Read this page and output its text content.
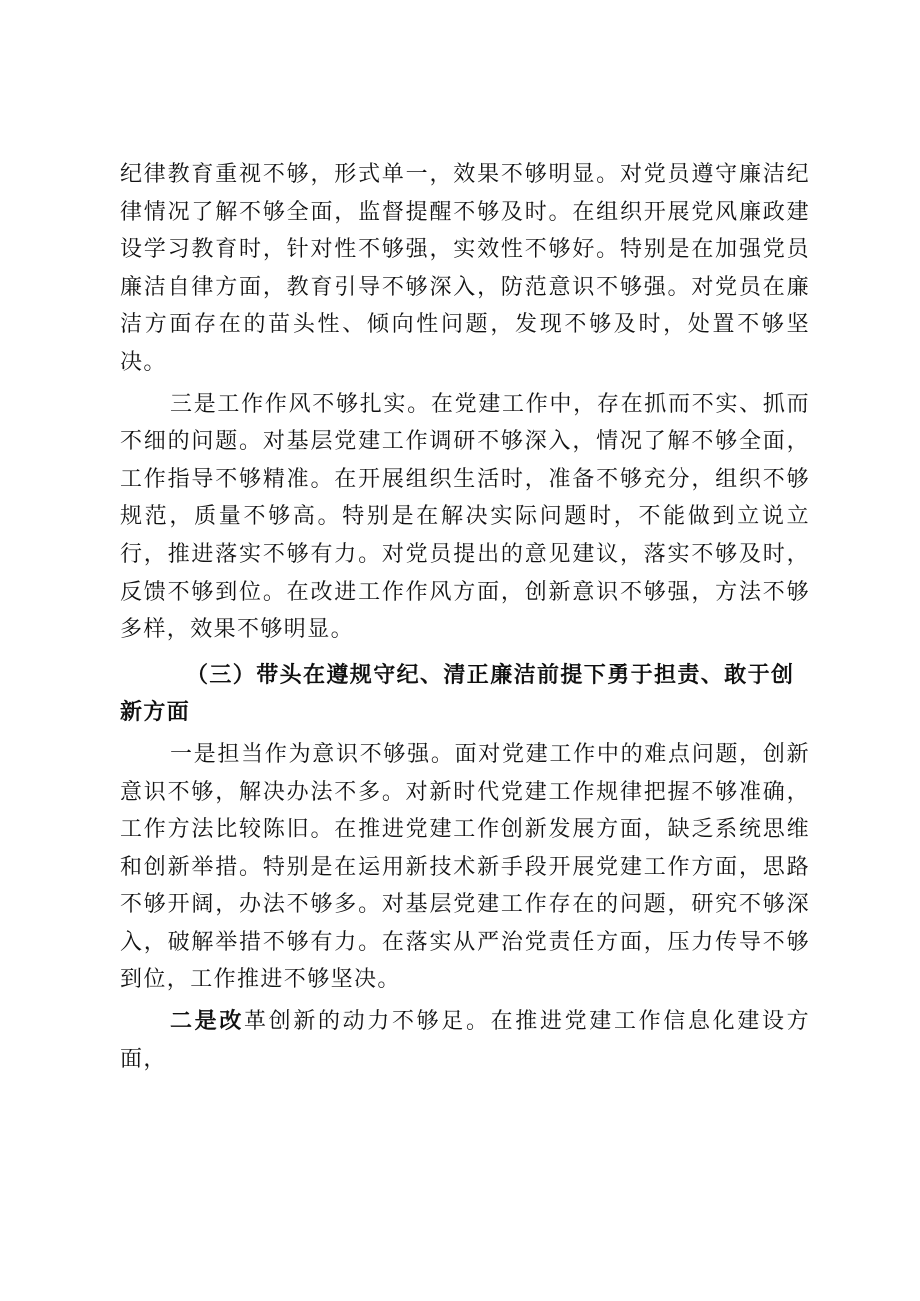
纪律教育重视不够，形式单一，效果不够明显。对党员遵守廉洁纪律情况了解不够全面，监督提醒不够及时。在组织开展党风廉政建设学习教育时，针对性不够强，实效性不够好。特别是在加强党员廉洁自律方面，教育引导不够深入，防范意识不够强。对党员在廉洁方面存在的苗头性、倾向性问题，发现不够及时，处置不够坚决。

三是工作作风不够扎实。在党建工作中，存在抓而不实、抓而不细的问题。对基层党建工作调研不够深入，情况了解不够全面，工作指导不够精准。在开展组织生活时，准备不够充分，组织不够规范，质量不够高。特别是在解决实际问题时，不能做到立说立行，推进落实不够有力。对党员提出的意见建议，落实不够及时，反馈不够到位。在改进工作作风方面，创新意识不够强，方法不够多样，效果不够明显。

（三）带头在遵规守纪、清正廉洁前提下勇于担责、敢于创新方面

一是担当作为意识不够强。面对党建工作中的难点问题，创新意识不够，解决办法不多。对新时代党建工作规律把握不够准确，工作方法比较陈旧。在推进党建工作创新发展方面，缺乏系统思维和创新举措。特别是在运用新技术新手段开展党建工作方面，思路不够开阔，办法不够多。对基层党建工作存在的问题，研究不够深入，破解举措不够有力。在落实从严治党责任方面，压力传导不够到位，工作推进不够坚决。

二是改革创新的动力不够足。在推进党建工作信息化建设方面，
